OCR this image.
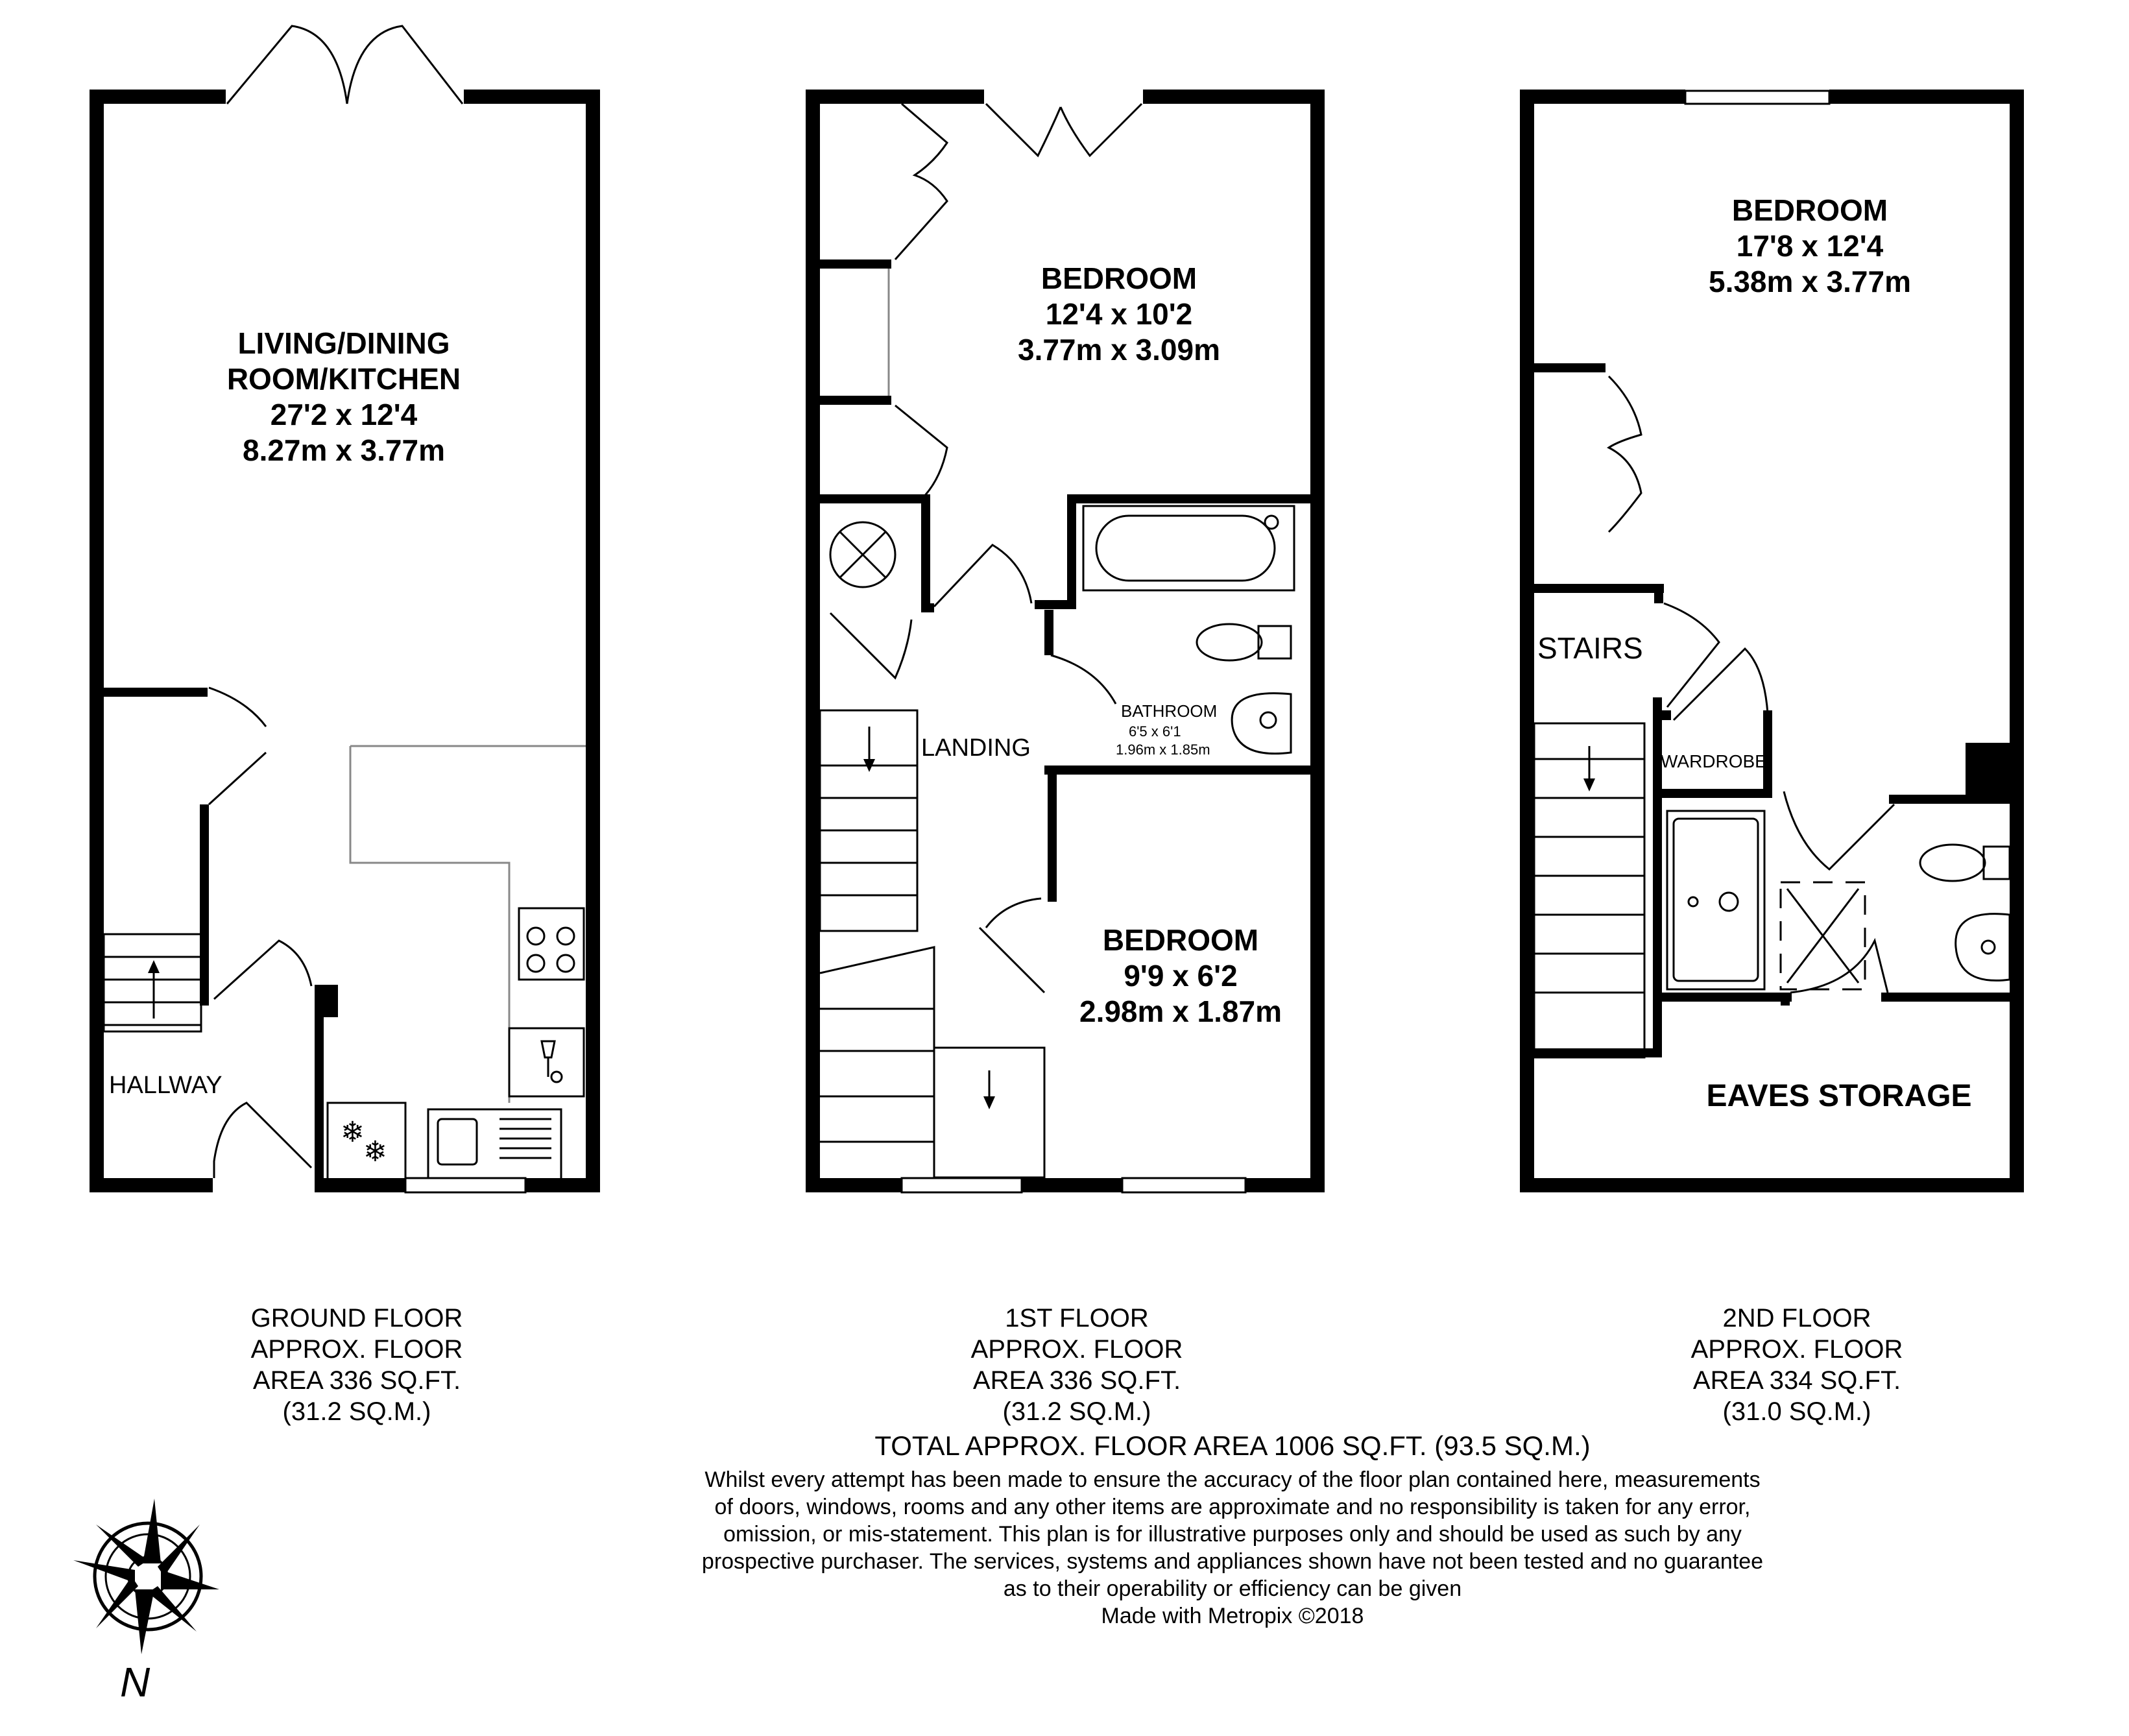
❄
❄
LIVING/DINING
ROOM/KITCHEN
27'2 x 12'4
8.27m x 3.77m
HALLWAY
BATHROOM
6'5 x 6'1
1.96m x 1.85m
LANDING
BEDROOM
12'4 x 10'2
3.77m x 3.09m
BEDROOM
9'9 x 6'2
2.98m x 1.87m
WARDROBE
STAIRS
BEDROOM
17'8 x 12'4
5.38m x 3.77m
EAVES STORAGE
N
GROUND FLOOR
APPROX. FLOOR
AREA 336 SQ.FT.
(31.2 SQ.M.)
1ST FLOOR
APPROX. FLOOR
AREA 336 SQ.FT.
(31.2 SQ.M.)
2ND FLOOR
APPROX. FLOOR
AREA 334 SQ.FT.
(31.0 SQ.M.)
TOTAL APPROX. FLOOR AREA 1006 SQ.FT. (93.5 SQ.M.)
Whilst every attempt has been made to ensure the accuracy of the floor plan contained here, measurements
of doors, windows, rooms and any other items are approximate and no responsibility is taken for any error,
omission, or mis-statement. This plan is for illustrative purposes only and should be used as such by any
prospective purchaser. The services, systems and appliances shown have not been tested and no guarantee
as to their operability or efficiency can be given
Made with Metropix ©2018
